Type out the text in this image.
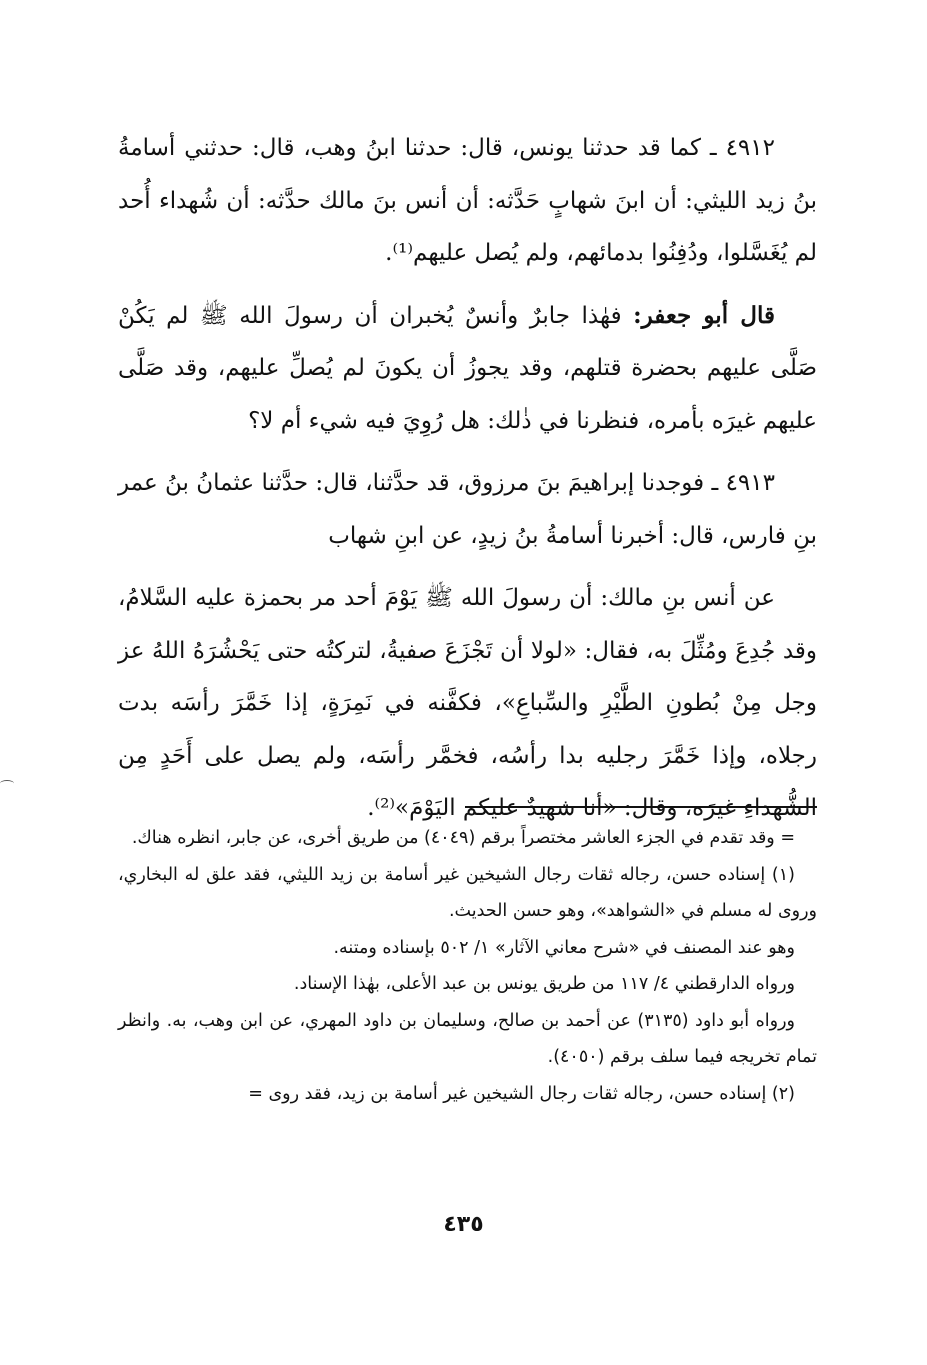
٤٩١٢ ـ كما قد حدثنا يونس، قال: حدثنا ابنُ وهب، قال: حدثني أسامةُ بنُ زيد الليثي: أن ابنَ شهابٍ حَدَّثه: أن أنس بنَ مالك حدَّثه: أن شُهداء أُحد لم يُغَسَّلوا، ودُفِنُوا بدمائهم، ولم يُصل عليهم⁽¹⁾.

قال أبو جعفر: فهٰذا جابرٌ وأنسٌ يُخبران أن رسولَ الله ﷺ لم يَكُنْ صَلَّى عليهم بحضرة قتلهم، وقد يجوزُ أن يكونَ لم يُصلِّ عليهم، وقد صَلَّى عليهم غيرَه بأمره، فنظرنا في ذٰلك: هل رُوِيَ فيه شيء أم لا؟

٤٩١٣ ـ فوجدنا إبراهيمَ بنَ مرزوق، قد حدَّثنا، قال: حدَّثنا عثمانُ بنُ عمر بنِ فارس، قال: أخبرنا أسامةُ بنُ زيدٍ، عن ابنِ شهاب

عن أنس بنِ مالك: أن رسولَ الله ﷺ يَوْمَ أحد مر بحمزة عليه السَّلامُ، وقد جُدِعَ ومُثِّلَ به، فقال: «لولا أن تَجْزَعَ صفيةُ، لتركتُه حتى يَحْشُرَهُ اللهُ عز وجل مِنْ بُطونِ الطَّيْرِ والسِّباعِ»، فكفَّنه في نَمِرَةٍ، إذا خَمَّرَ رأسَه بدت رجلاه، وإذا خَمَّرَ رجليه بدا رأسُه، فخمَّر رأسَه، ولم يصل على أَحَدٍ مِن الشُّهداءِ غيرَه، وقال: «أنا شهيدٌ عليكم اليَوْمَ»⁽²⁾.

= وقد تقدم في الجزء العاشر مختصراً برقم (٤٠٤٩) من طريق أخرى، عن جابر، انظره هناك.

(١) إسناده حسن، رجاله ثقات رجال الشيخين غير أسامة بن زيد الليثي، فقد علق له البخاري، وروى له مسلم في «الشواهد»، وهو حسن الحديث.

وهو عند المصنف في «شرح معاني الآثار» ١/ ٥٠٢ بإسناده ومتنه.

ورواه الدارقطني ٤/ ١١٧ من طريق يونس بن عبد الأعلى، بهٰذا الإسناد.

ورواه أبو داود (٣١٣٥) عن أحمد بن صالح، وسليمان بن داود المهري، عن ابن وهب، به. وانظر تمام تخريجه فيما سلف برقم (٤٠٥٠).

(٢) إسناده حسن، رجاله ثقات رجال الشيخين غير أسامة بن زيد، فقد روى =

٤٣٥
